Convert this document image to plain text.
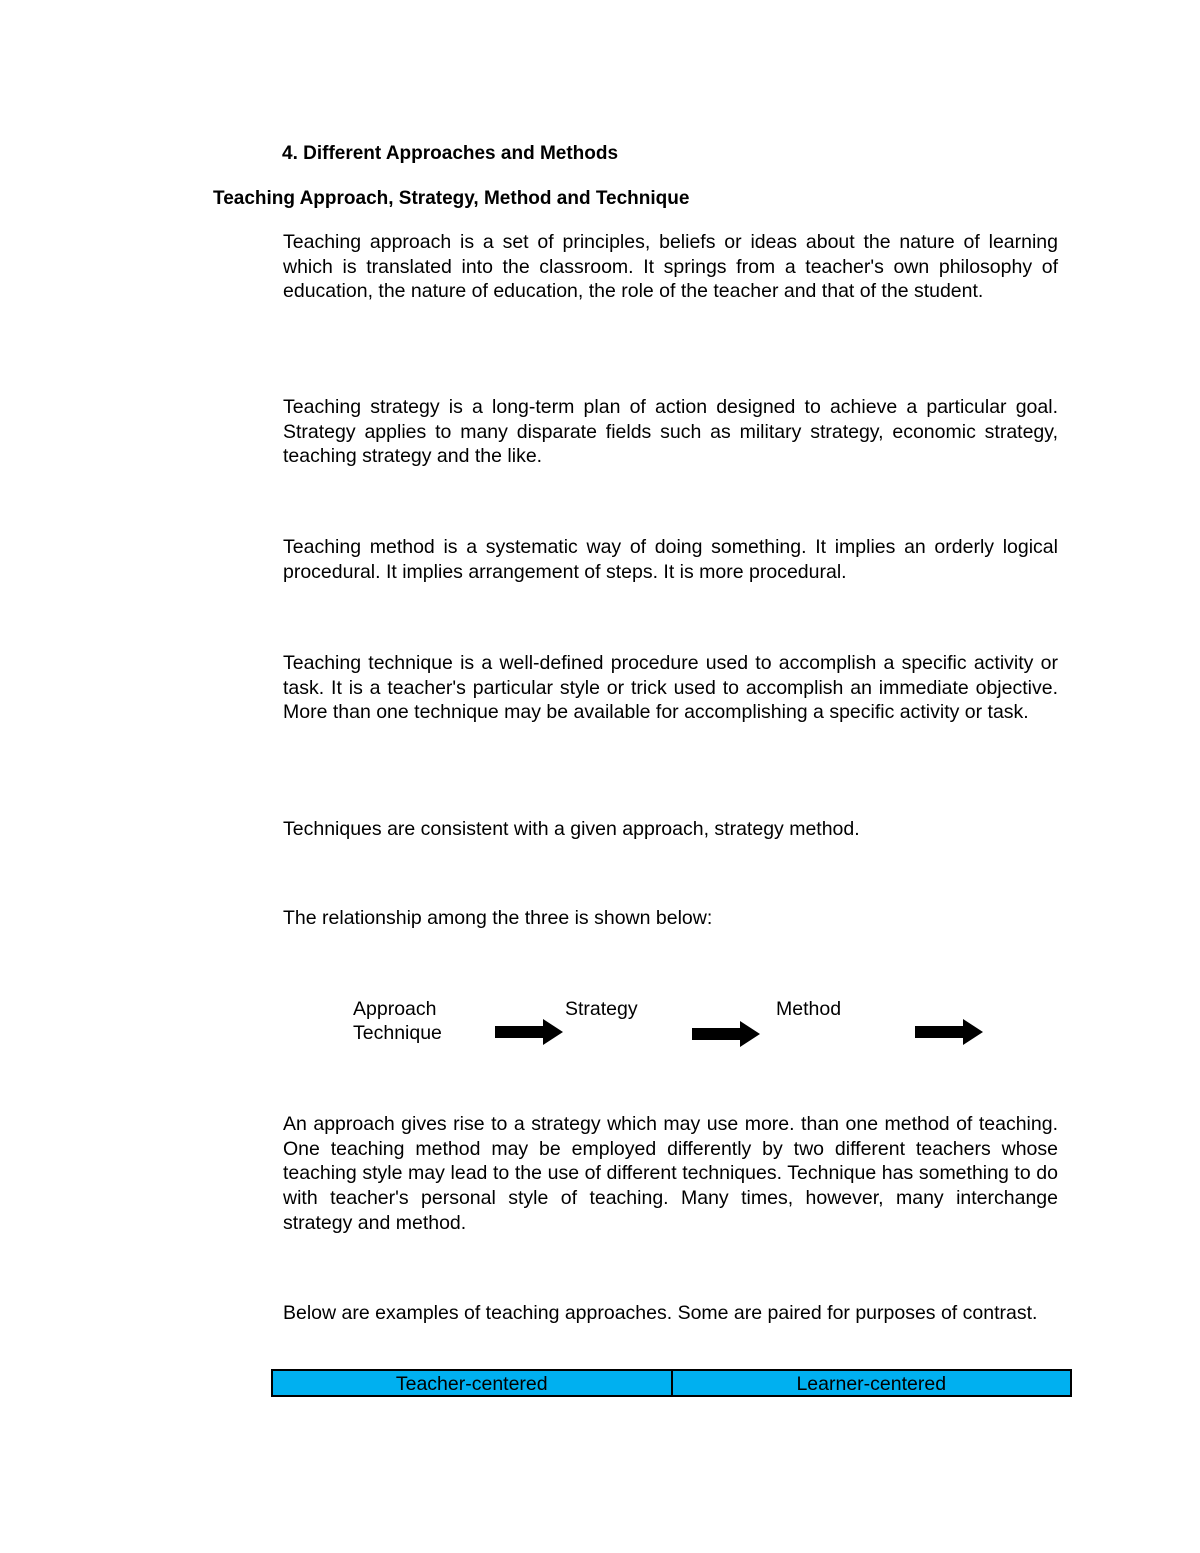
4. Different Approaches and Methods
Teaching Approach, Strategy, Method and Technique
Teaching approach is a set of principles, beliefs or ideas about the nature of learning which is translated into the classroom. It springs from a teacher's own philosophy of education, the nature of education, the role of the teacher and that of the student.
Teaching strategy is a long-term plan of action designed to achieve a particular goal. Strategy applies to many disparate fields such as military strategy, economic strategy, teaching strategy and the like.
Teaching method is a systematic way of doing something. It implies an orderly logical procedural. It implies arrangement of steps. It is more procedural.
Teaching technique is a well-defined procedure used to accomplish a specific activity or task. It is a teacher's particular style or trick used to accomplish an immediate objective. More than one technique may be available for accomplishing a specific activity or task.
Techniques are consistent with a given approach, strategy method.
The relationship among the three is shown below:
Approach
Technique
Strategy	Method
An approach gives rise to a strategy which may use more. than one method of teaching. One teaching method may be employed differently by two different teachers whose teaching style may lead to the use of different techniques. Technique has something to do with teacher's personal style of teaching. Many times, however, many interchange strategy and method.
Below are examples of teaching approaches. Some are paired for purposes of contrast.
Teacher-centered	Learner-centered
